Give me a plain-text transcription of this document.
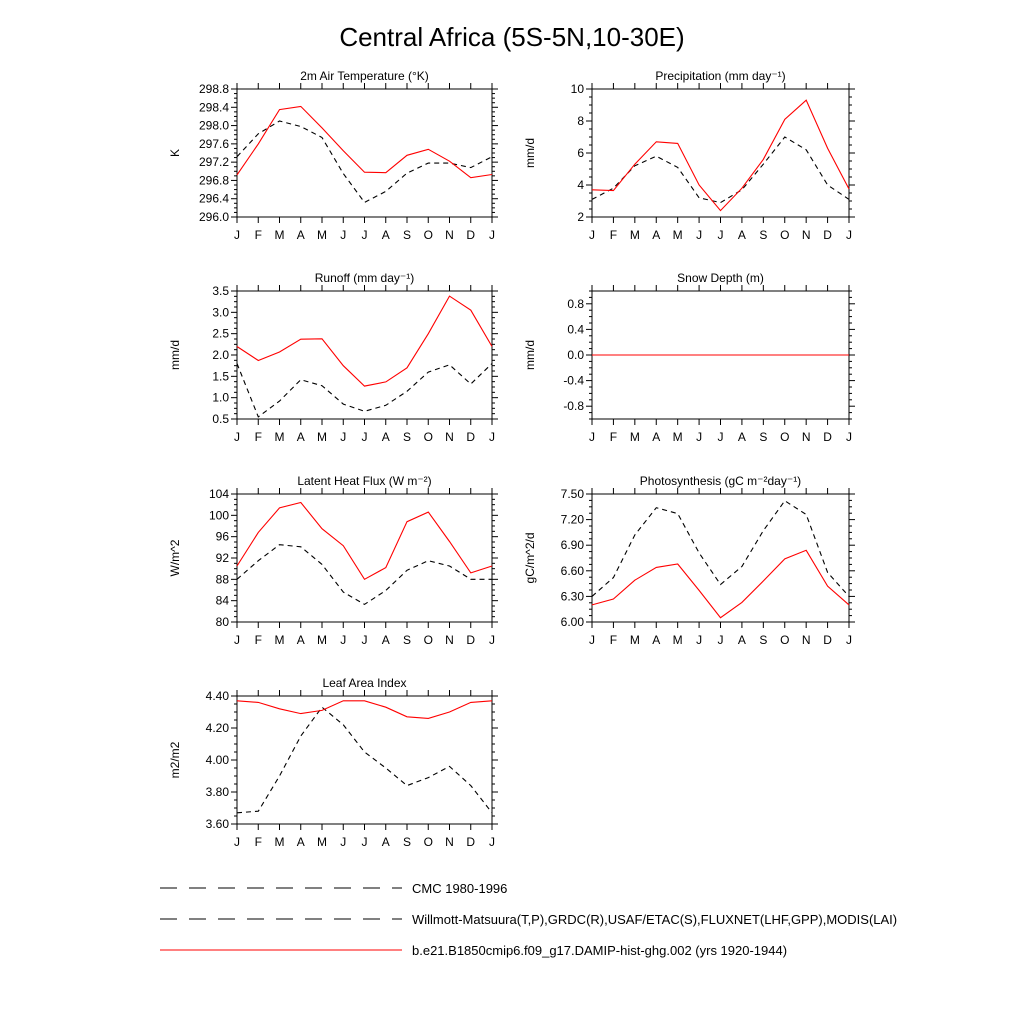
Central Africa (5S-5N,10-30E)
2m Air Temperature (°K)
K
296.0
296.4
296.8
297.2
297.6
298.0
298.4
298.8
J F M A M J J A S O N D J
Precipitation (mm day⁻¹)
mm/d
2
4
6
8
10
J F M A M J J A S O N D J
Runoff (mm day⁻¹)
mm/d
0.5
1.0
1.5
2.0
2.5
3.0
3.5
J F M A M J J A S O N D J
Snow Depth (m)
mm/d
-0.8
-0.4
0.0
0.4
0.8
J F M A M J J A S O N D J
Latent Heat Flux (W m⁻²)
W/m^2
80
84
88
92
96
100
104
J F M A M J J A S O N D J
Photosynthesis (gC m⁻²day⁻¹)
gC/m^2/d
6.00
6.30
6.60
6.90
7.20
7.50
J F M A M J J A S O N D J
Leaf Area Index
m2/m2
3.60
3.80
4.00
4.20
4.40
J F M A M J J A S O N D J
CMC 1980-1996
Willmott-Matsuura(T,P),GRDC(R),USAF/ETAC(S),FLUXNET(LHF,GPP),MODIS(LAI)
b.e21.B1850cmip6.f09_g17.DAMIP-hist-ghg.002 (yrs 1920-1944)
